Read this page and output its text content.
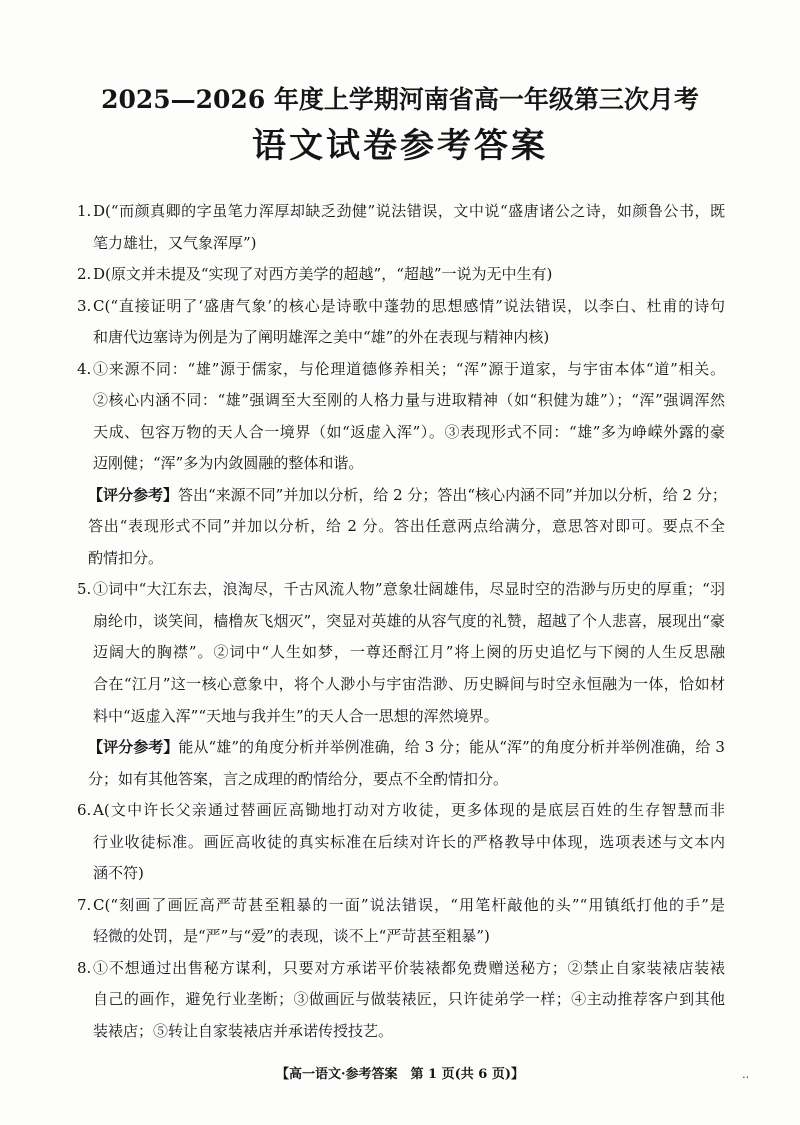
2025—2026 年度上学期河南省高一年级第三次月考
语文试卷参考答案
1. D(“而颜真卿的字虽笔力浑厚却缺乏劲健”说法错误，文中说“盛唐诸公之诗，如颜鲁公书，既
笔力雄壮，又气象浑厚”)
2. D(原文并未提及“实现了对西方美学的超越”，“超越”一说为无中生有)
3. C(“直接证明了‘盛唐气象’的核心是诗歌中蓬勃的思想感情”说法错误，以李白、杜甫的诗句
和唐代边塞诗为例是为了阐明雄浑之美中“雄”的外在表现与精神内核)
4. ①来源不同：“雄”源于儒家，与伦理道德修养相关；“浑”源于道家，与宇宙本体“道”相关。
②核心内涵不同：“雄”强调至大至刚的人格力量与进取精神（如“积健为雄”）；“浑”强调浑然
天成、包容万物的天人合一境界（如“返虚入浑”）。③表现形式不同：“雄”多为峥嵘外露的豪
迈刚健；“浑”多为内敛圆融的整体和谐。
【评分参考】答出“来源不同”并加以分析，给 2 分；答出“核心内涵不同”并加以分析，给 2 分；
答出“表现形式不同”并加以分析，给 2 分。答出任意两点给满分，意思答对即可。要点不全
酌情扣分。
5. ①词中“大江东去，浪淘尽，千古风流人物”意象壮阔雄伟，尽显时空的浩渺与历史的厚重；“羽
扇纶巾，谈笑间，樯橹灰飞烟灭”，突显对英雄的从容气度的礼赞，超越了个人悲喜，展现出“豪
迈阔大的胸襟”。②词中“人生如梦，一尊还酹江月”将上阕的历史追忆与下阕的人生反思融
合在“江月”这一核心意象中，将个人渺小与宇宙浩渺、历史瞬间与时空永恒融为一体，恰如材
料中“返虚入浑”“天地与我并生”的天人合一思想的浑然境界。
【评分参考】能从“雄”的角度分析并举例准确，给 3 分；能从“浑”的角度分析并举例准确，给 3
分；如有其他答案，言之成理的酌情给分，要点不全酌情扣分。
6. A(文中许长父亲通过替画匠高锄地打动对方收徒，更多体现的是底层百姓的生存智慧而非
行业收徒标准。画匠高收徒的真实标准在后续对许长的严格教导中体现，选项表述与文本内
涵不符)
7. C(“刻画了画匠高严苛甚至粗暴的一面”说法错误，“用笔杆敲他的头”“用镇纸打他的手”是
轻微的处罚，是“严”与“爱”的表现，谈不上“严苛甚至粗暴”)
8. ①不想通过出售秘方谋利，只要对方承诺平价装裱都免费赠送秘方；②禁止自家装裱店装裱
自己的画作，避免行业垄断；③做画匠与做装裱匠，只许徒弟学一样；④主动推荐客户到其他
装裱店；⑤转让自家装裱店并承诺传授技艺。
【高一语文·参考答案　第 1 页(共 6 页)】	‥
